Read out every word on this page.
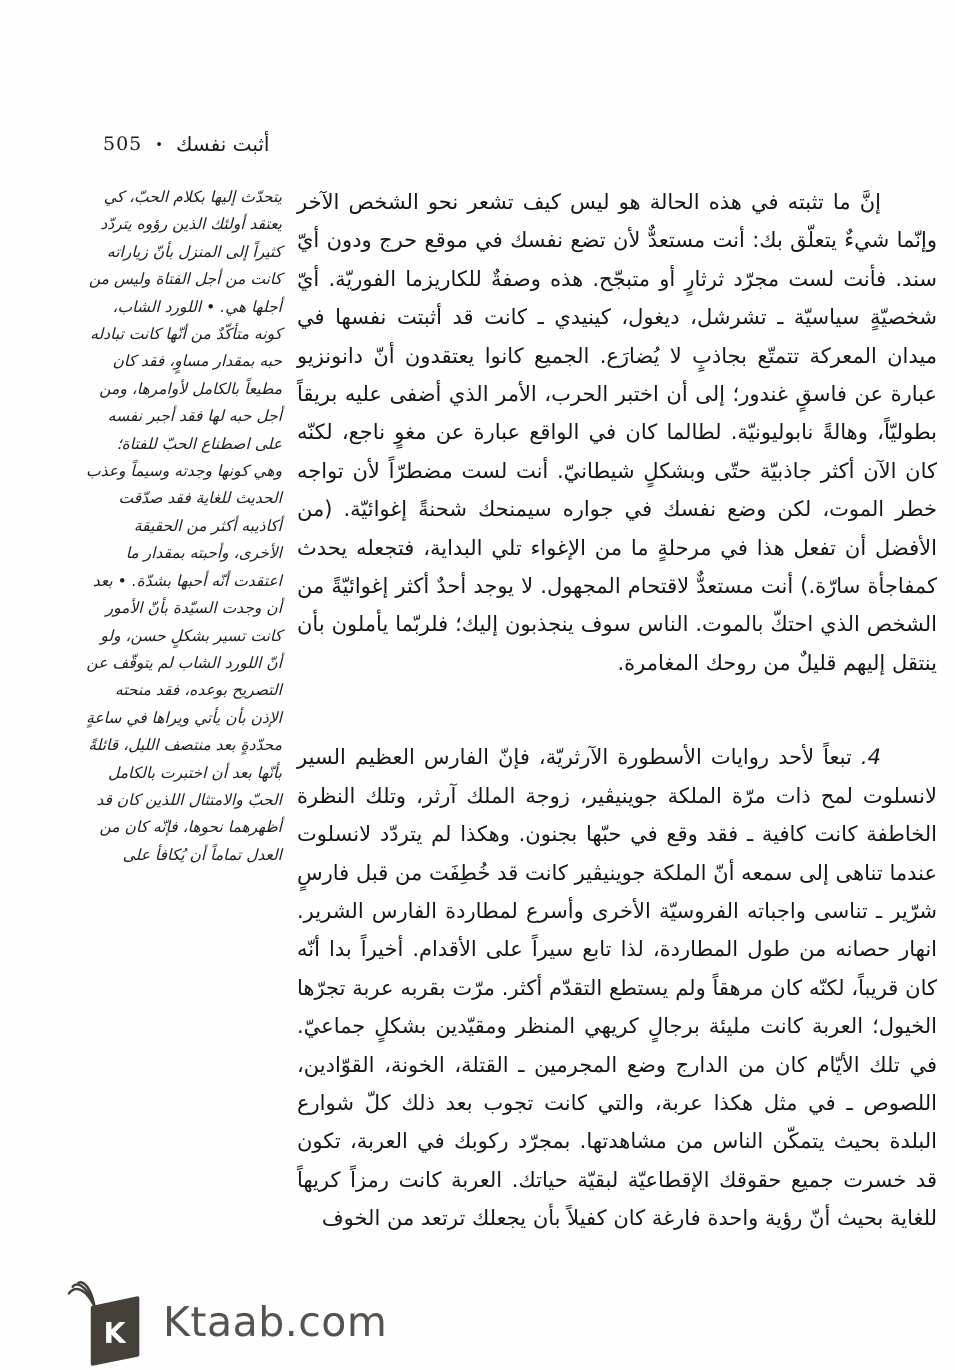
505 • أثبت نفسك
يتحدّث إليها بكلام الحبّ، كي يعتقد أولئك الذين رؤوه يتردّد كثيراً إلى المنزل بأنّ زياراته كانت من أجل الفتاة وليس من أجلها هي. • اللورد الشاب، كونه متأكّدٌ من أنّها كانت تبادله حبه بمقدار مساوٍ، فقد كان مطيعاً بالكامل لأوامرها، ومن أجل حبه لها فقد أجبر نفسه على اصطناع الحبّ للفتاة؛ وهي كونها وجدته وسيماً وعذب الحديث للغاية فقد صدّقت أكاذيبه أكثر من الحقيقة الأخرى، وأحبته بمقدار ما اعتقدت أنّه أحبها بشدّة. • بعد أن وجدت السيّدة بأنّ الأمور كانت تسير بشكلٍ حسن، ولو أنّ اللورد الشاب لم يتوقّف عن التصريح بوعده، فقد منحته الإذن بأن يأتي ويراها في ساعةٍ محدّدةٍ بعد منتصف الليل، قائلةً بأنّها بعد أن اختبرت بالكامل الحبّ والامتثال اللذين كان قد أظهرهما نحوها، فإنّه كان من العدل تماماً أن يُكافأ على

إنَّ ما تثبته في هذه الحالة هو ليس كيف تشعر نحو الشخص الآخر وإنّما شيءٌ يتعلّق بك: أنت مستعدٌّ لأن تضع نفسك في موقع حرج ودون أيّ سند. فأنت لست مجرّد ثرثارٍ أو متبجّح. هذه وصفةٌ للكاريزما الفوريّة. أيّ شخصيّةٍ سياسيّة ـ تشرشل، ديغول، كينيدي ـ كانت قد أثبتت نفسها في ميدان المعركة تتمتّع بجاذبٍ لا يُضارَع. الجميع كانوا يعتقدون أنّ دانونزيو عبارة عن فاسقٍ غندور؛ إلى أن اختبر الحرب، الأمر الذي أضفى عليه بريقاً بطوليّاً، وهالةً نابوليونيّة. لطالما كان في الواقع عبارة عن مغوٍ ناجع، لكنّه كان الآن أكثر جاذبيّة حتّى وبشكلٍ شيطانيّ. أنت لست مضطرّاً لأن تواجه خطر الموت، لكن وضع نفسك في جواره سيمنحك شحنةً إغوائيّة. (من الأفضل أن تفعل هذا في مرحلةٍ ما من الإغواء تلي البداية، فتجعله يحدث كمفاجأة سارّة.) أنت مستعدٌّ لاقتحام المجهول. لا يوجد أحدٌ أكثر إغوائيّةً من الشخص الذي احتكّ بالموت. الناس سوف ينجذبون إليك؛ فلربّما يأملون بأن ينتقل إليهم قليلٌ من روحك المغامرة.

4. تبعاً لأحد روايات الأسطورة الآرثريّة، فإنّ الفارس العظيم السير لانسلوت لمح ذات مرّة الملكة جوينيڤير، زوجة الملك آرثر، وتلك النظرة الخاطفة كانت كافية ـ فقد وقع في حبّها بجنون. وهكذا لم يتردّد لانسلوت عندما تناهى إلى سمعه أنّ الملكة جوينيڤير كانت قد خُطِفَت من قبل فارسٍ شرّير ـ تناسى واجباته الفروسيّة الأخرى وأسرع لمطاردة الفارس الشرير. انهار حصانه من طول المطاردة، لذا تابع سيراً على الأقدام. أخيراً بدا أنّه كان قريباً، لكنّه كان مرهقاً ولم يستطع التقدّم أكثر. مرّت بقربه عربة تجرّها الخيول؛ العربة كانت مليئة برجالٍ كريهي المنظر ومقيّدين بشكلٍ جماعيّ. في تلك الأيّام كان من الدارج وضع المجرمين ـ القتلة، الخونة، القوّادين، اللصوص ـ في مثل هكذا عربة، والتي كانت تجوب بعد ذلك كلّ شوارع البلدة بحيث يتمكّن الناس من مشاهدتها. بمجرّد ركوبك في العربة، تكون قد خسرت جميع حقوقك الإقطاعيّة لبقيّة حياتك. العربة كانت رمزاً كريهاً للغاية بحيث أنّ رؤية واحدة فارغة كان كفيلاً بأن يجعلك ترتعد من الخوف

K Ktaab.com
